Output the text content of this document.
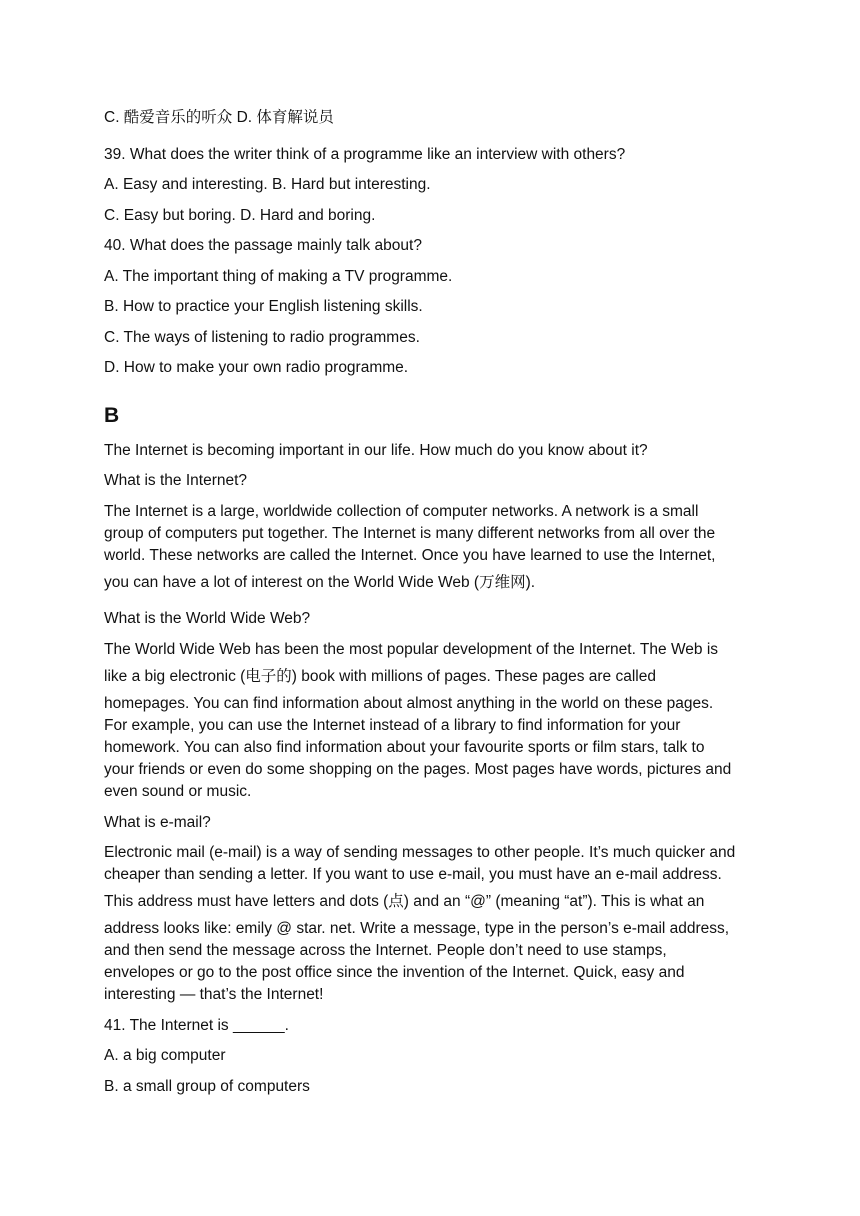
C. 酷爱音乐的听众 D. 体育解说员
39. What does the writer think of a programme like an interview with others?
A. Easy and interesting. B. Hard but interesting.
C. Easy but boring. D. Hard and boring.
40. What does the passage mainly talk about?
A. The important thing of making a TV programme.
B. How to practice your English listening skills.
C. The ways of listening to radio programmes.
D. How to make your own radio programme.
B
The Internet is becoming important in our life. How much do you know about it?
What is the Internet?
The Internet is a large, worldwide collection of computer networks. A network is a small
group of computers put together. The Internet is many different networks from all over the
world. These networks are called the Internet. Once you have learned to use the Internet,
you can have a lot of interest on the World Wide Web (万维网).
What is the World Wide Web?
The World Wide Web has been the most popular development of the Internet. The Web is
like a big electronic (电子的) book with millions of pages. These pages are called
homepages. You can find information about almost anything in the world on these pages.
For example, you can use the Internet instead of a library to find information for your
homework. You can also find information about your favourite sports or film stars, talk to
your friends or even do some shopping on the pages. Most pages have words, pictures and
even sound or music.
What is e-mail?
Electronic mail (e-mail) is a way of sending messages to other people. It’s much quicker and
cheaper than sending a letter. If you want to use e-mail, you must have an e-mail address.
This address must have letters and dots (点) and an “@” (meaning “at”). This is what an
address looks like: emily @ star. net. Write a message, type in the person’s e-mail address,
and then send the message across the Internet. People don’t need to use stamps,
envelopes or go to the post office since the invention of the Internet. Quick, easy and
interesting — that’s the Internet!
41. The Internet is ______.
A. a big computer
B. a small group of computers
